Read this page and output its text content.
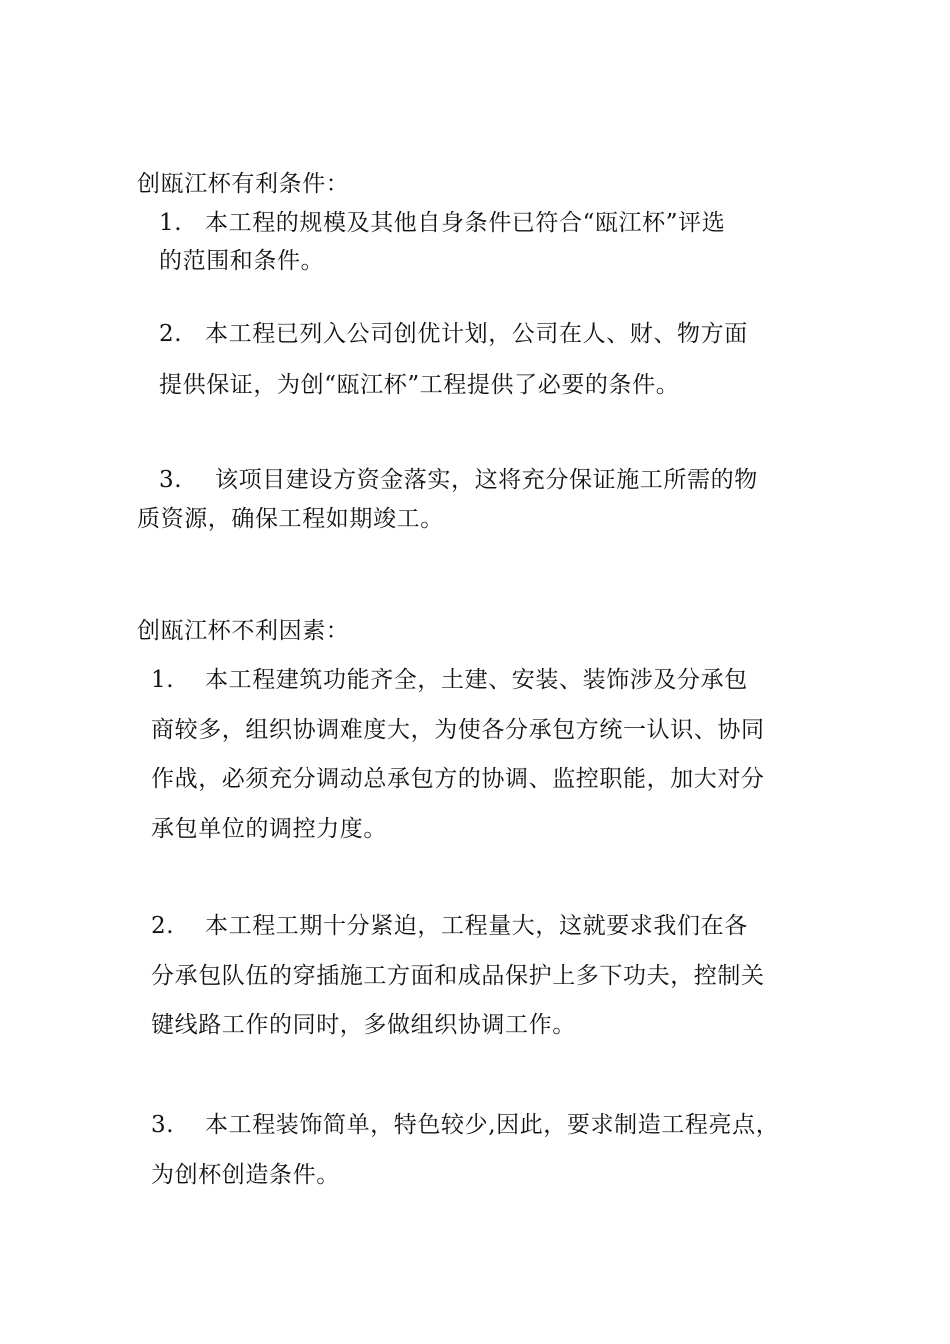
创瓯江杯有利条件：
1. 本工程的规模及其他自身条件已符合“瓯江杯”评选
的范围和条件。
2. 本工程已列入公司创优计划，公司在人、财、物方面
提供保证，为创“瓯江杯”工程提供了必要的条件。
3. 该项目建设方资金落实，这将充分保证施工所需的物
质资源，确保工程如期竣工。
创瓯江杯不利因素：
1. 本工程建筑功能齐全，土建、安装、装饰涉及分承包
商较多，组织协调难度大，为使各分承包方统一认识、协同
作战，必须充分调动总承包方的协调、监控职能，加大对分
承包单位的调控力度。
2. 本工程工期十分紧迫，工程量大，这就要求我们在各
分承包队伍的穿插施工方面和成品保护上多下功夫，控制关
键线路工作的同时，多做组织协调工作。
3. 本工程装饰简单，特色较少,因此，要求制造工程亮点，
为创杯创造条件。
